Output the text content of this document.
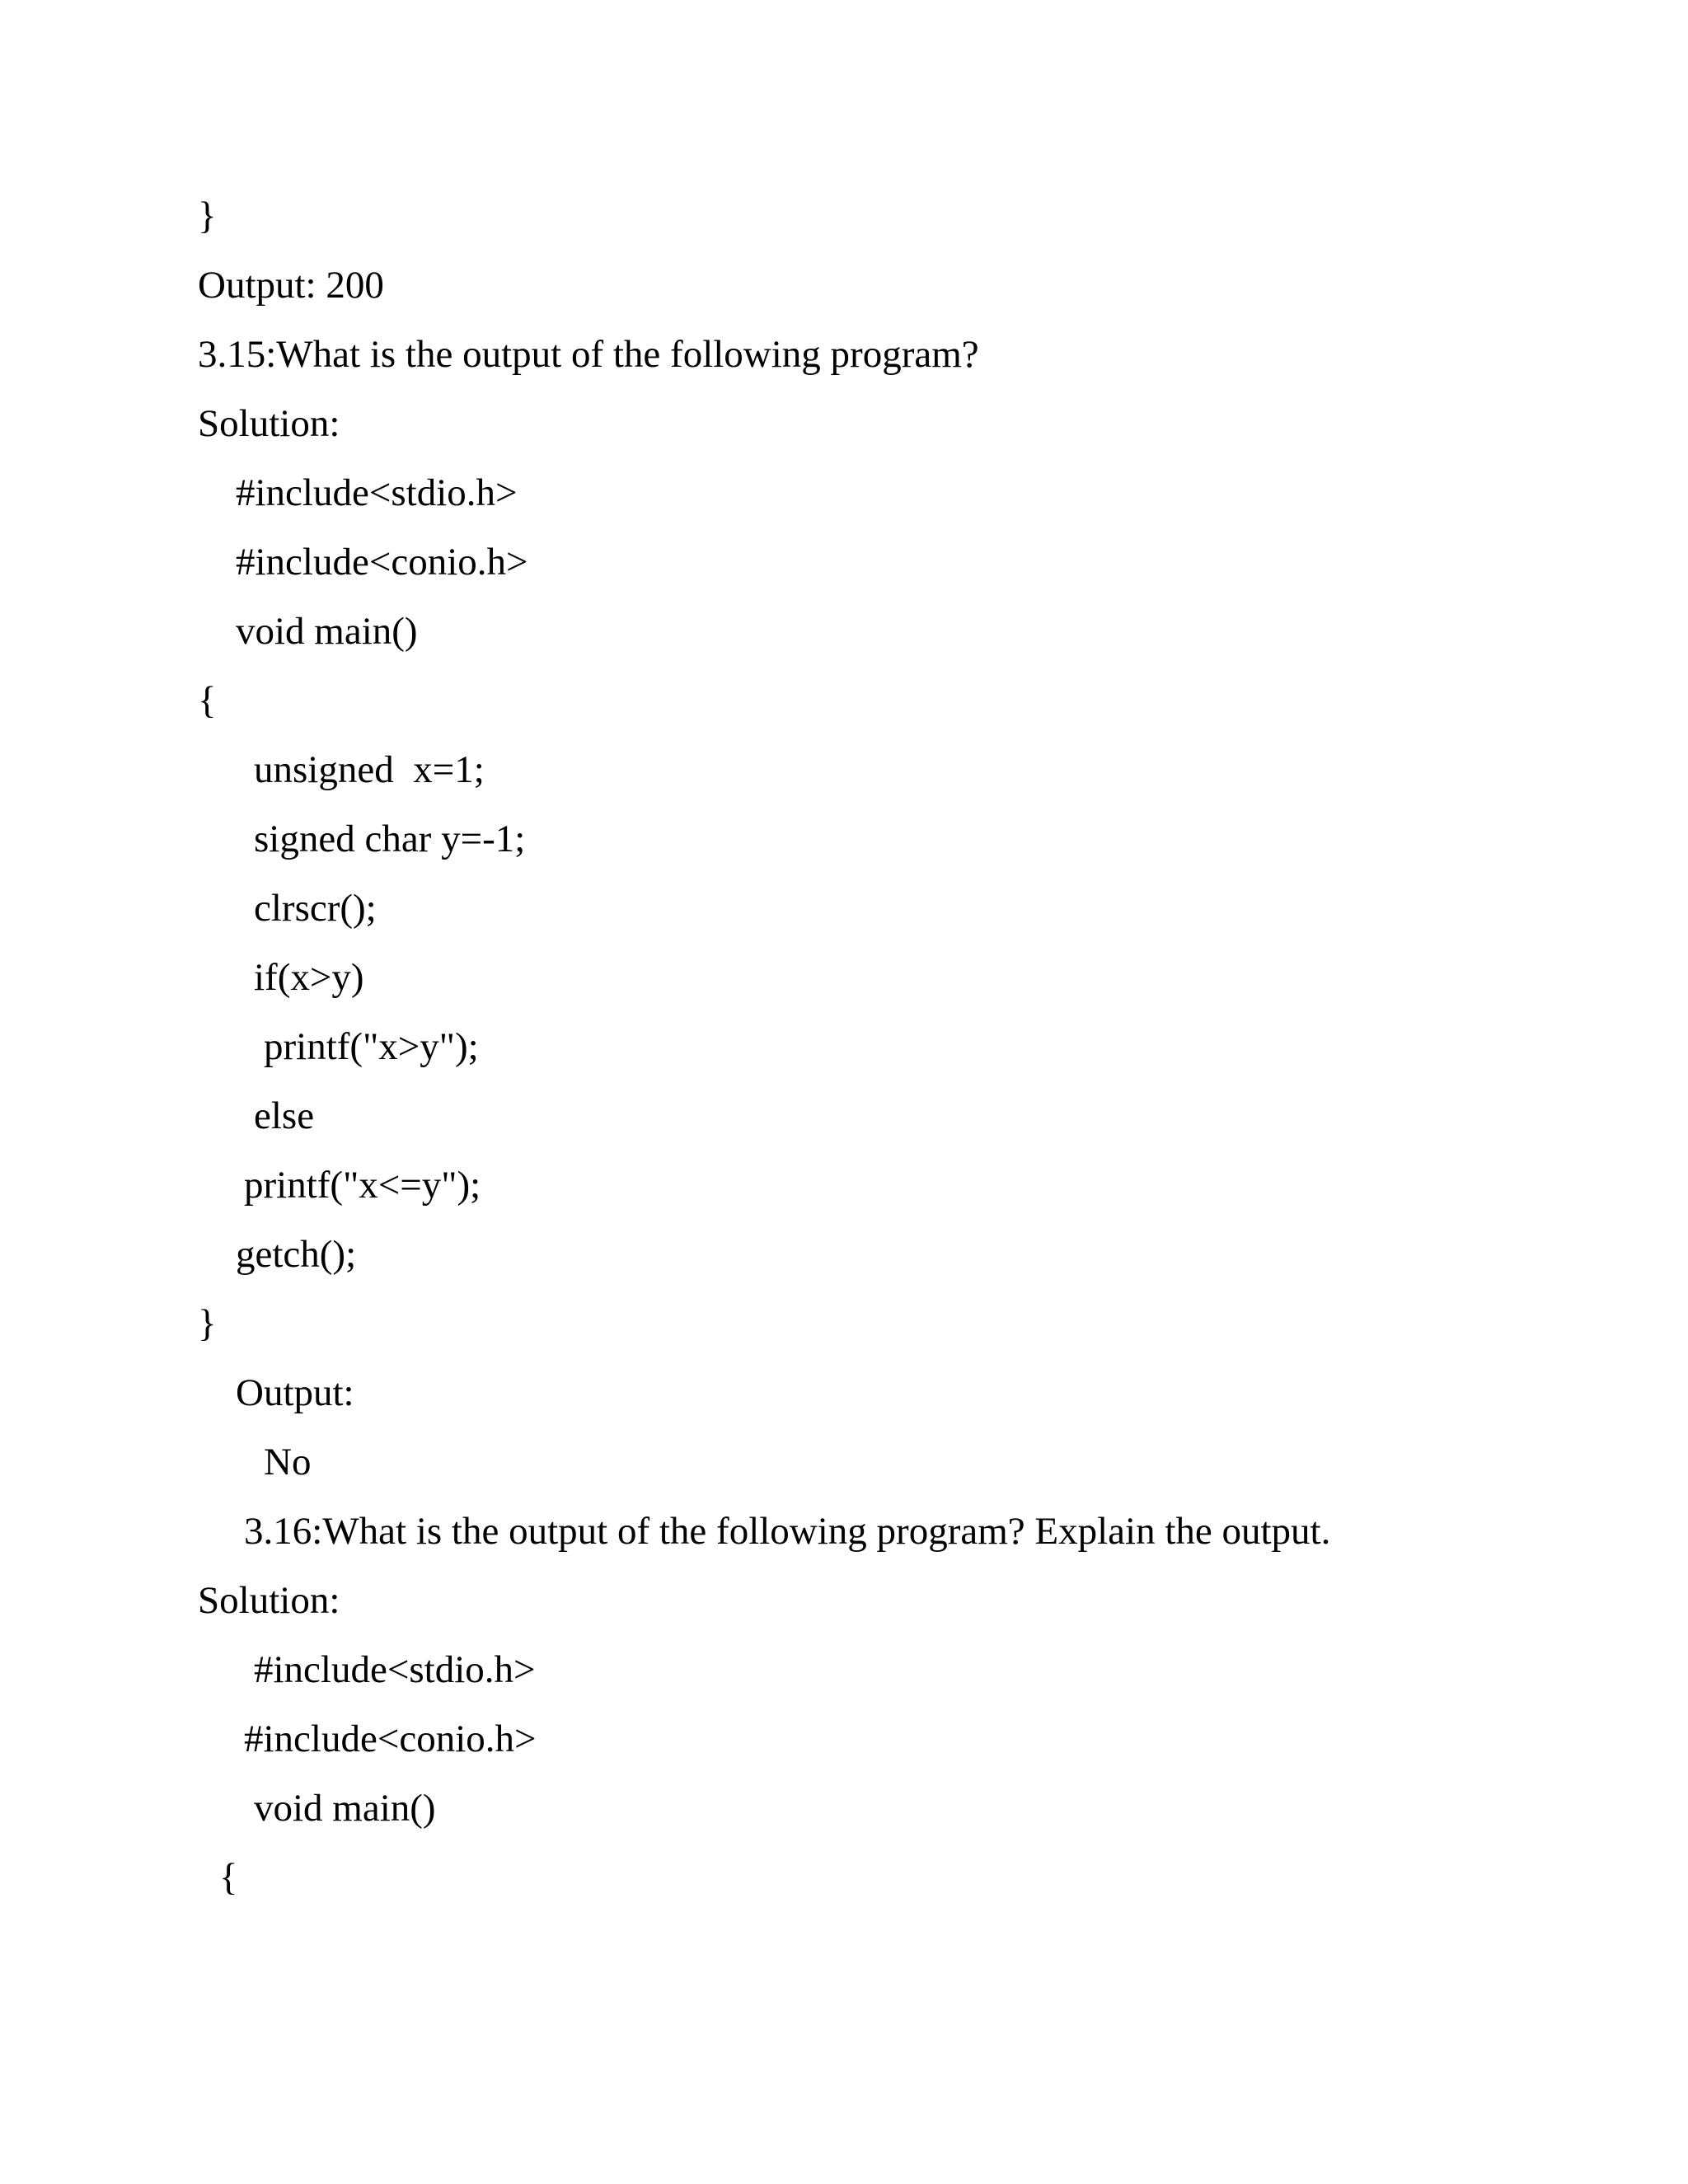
}

Output: 200

3.15:What is the output of the following program?

Solution:

#include<stdio.h>

#include<conio.h>

void main()

{

unsigned  x=1;

signed char y=-1;

clrscr();

if(x>y)

printf("x>y");

else

printf("x<=y");

getch();

}

Output:

No

3.16:What is the output of the following program? Explain the output.

Solution:

#include<stdio.h>

#include<conio.h>

void main()

{
